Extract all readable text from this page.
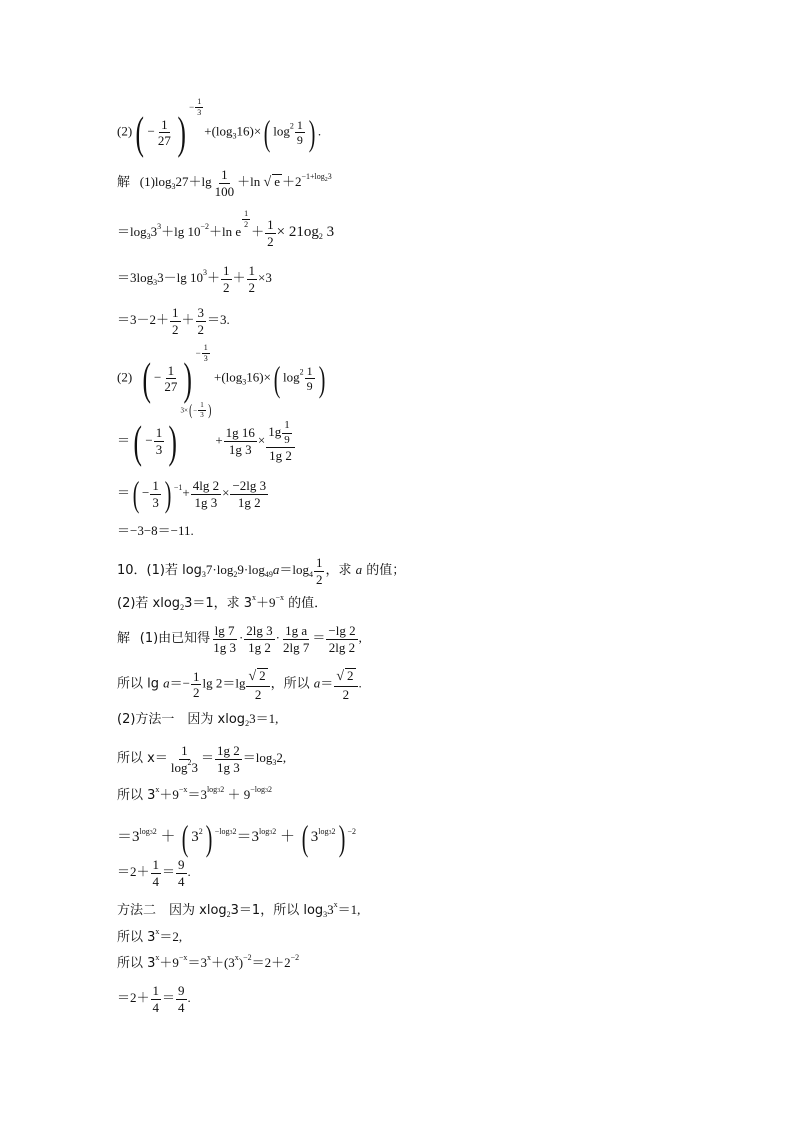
$(2)( - \frac{1}{27}$ )− $\frac{1}{3}$
$+(\log_316)\times$( $\log^2 \frac{1}{9}$ ) .
解 $(1)\log_327+\lg \frac{1}{100} +\ln$ √ $e +2^{-1+log_23}$
$=\log_33^3+\lg$ $10^{-2}+\ln$ e
$\frac{1}{2}$
＋ $\frac{1}{2} \times 21og_2$ 3
$=3\log_33-\lg$ $10^3+ \frac{1}{2} + \frac{1}{2} \times 3$
$=3-2+ \frac{1}{2} + \frac{3}{2} =3$.
(2) ( − $\frac{1}{27}$ )− $\frac{1}{3}$
$+(\log_316)\times$( $\log^2 \frac{1}{9}$ )
＝( − $\frac{1}{3} )3\times(- \frac{1}{3}$ ) + $\frac{1g 16}{1g 3} \times \frac{1g \frac{1}{9}}{1g 2}$
＝( − $\frac{1}{3}$ ) $^{-1}+ \frac{4\lg 2}{1g 3} \times \frac{-2\lg 3}{1g 2}$
＝−3−8＝−11.
10．(1)若 $\log_37\cdot\log_29\cdot\log_{49}a=\log_4 \frac{1}{2}$ ，求 a 的值；
(2)若 xlog$_2$3＝1，求 $3^x+9^{-x}$ 的值．
解 (1)由已知得 $\frac{\lg 7}{1g 3} \cdot \frac{2\lg 3}{1g 2} \cdot \frac{\text{1g a}}{2\lg 7} = \frac{-\lg 2}{2\lg 2}$ ,
所以 $\lg a=- \frac{1}{2}$ $\lg 2=\lg \frac{√ 2}{2}$ ，所以 $a= \frac{√ 2}{2}$ .
(2)方法一　因为 xlog$_2$3＝1,
所以 $x= \frac{1}{\log^23} = \frac{1g 2}{1g 3} =\log_32$,
所以 $3^x+9^{-x}=3^{log32} + 9^{-log32}$
$=3^{log32}$ ＋ ( $3^2$) $^{-log32}=3^{log32}$ ＋ ( $3^{log32}$) $^{-2}$
$=2+ \frac{1}{4} = \frac{9}{4}$ .
方法二　因为 xlog$_2$3＝1，所以 $\log_33^x=1$,
所以 $3^x=2$,
所以 $3^x+9^{-x}=3^x+(3^x)^{-2}=2+2^{-2}$
$=2+ \frac{1}{4} = \frac{9}{4}$ .
